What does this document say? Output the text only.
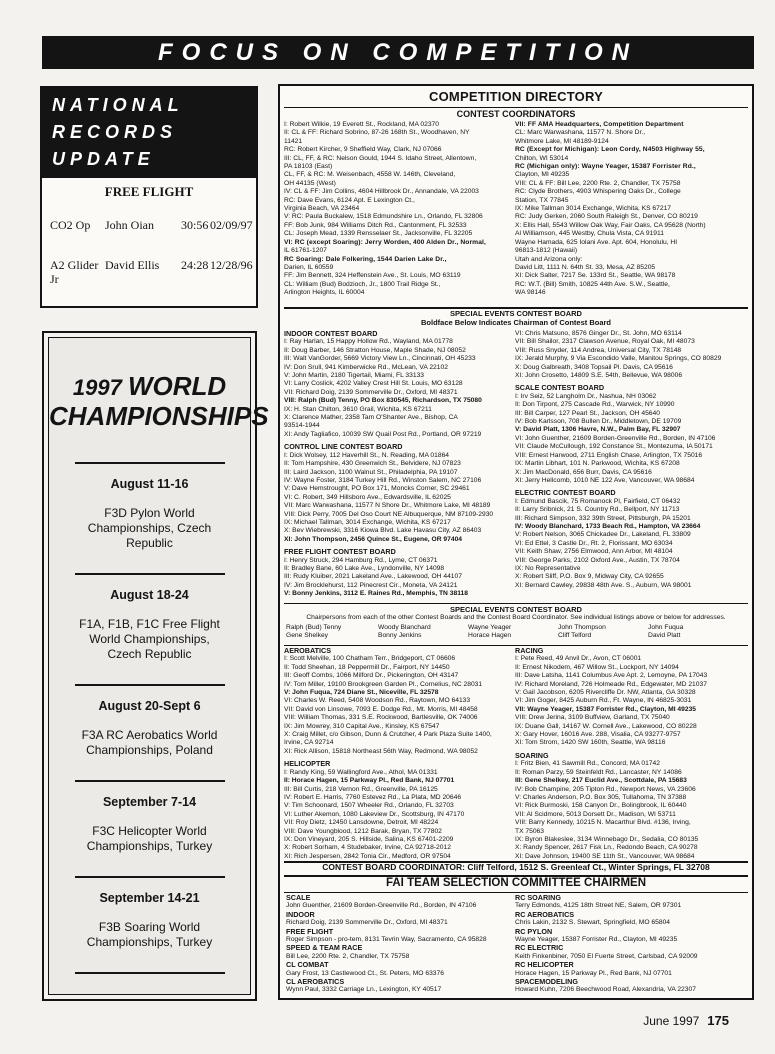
FOCUS ON COMPETITION
NATIONAL
RECORDS
UPDATE
FREE FLIGHT
CO2 Op	John Oian 30:56 02/09/97
A2 Glider Jr
David Ellis 24:28 12/28/96
1997 WORLD
CHAMPIONSHIPS
August 11-16
F3D Pylon World Championships, Czech Republic
August 18-24
F1A, F1B, F1C Free Flight World Championships, Czech Republic
August 20-Sept 6
F3A RC Aerobatics World Championships, Poland
September 7-14
F3C Helicopter World Championships, Turkey
September 14-21
F3B Soaring World Championships, Turkey
COMPETITION DIRECTORY
CONTEST COORDINATORS
I: Robert Wilkie, 19 Everett St., Rockland, MA 02370
II: CL & FF: Richard Sobrino, 87-26 168th St., Woodhaven, NY
11421
RC: Robert Kircher, 9 Sheffield Way, Clark, NJ 07066
III: CL, FF, & RC: Nelson Gould, 1944 S. Idaho Street, Allentown,
PA 18103 (East)
CL, FF, & RC: M. Weisenbach, 4558 W. 146th, Cleveland,
OH 44135 (West)
IV: CL & FF: Jim Collins, 4604 Hillbrook Dr., Annandale, VA 22003
RC: Dave Evans, 6124 Apt. E Lexington Ct.,
Virginia Beach, VA 23464
V: RC: Paula Buckalew, 1518 Edmundshire Ln., Orlando, FL 32806
FF: Bob Junk, 984 Williams Ditch Rd., Cantonment, FL 32533
CL: Joseph Mead, 1339 Rensselaer St., Jacksonville, FL 32205
VI: RC (except Soaring): Jerry Worden, 400 Alden Dr., Normal,
IL 61761-1207
RC Soaring: Dale Folkering, 1544 Darien Lake Dr.,
Darien, IL 60559
FF: Jim Bennett, 324 Heffenstein Ave., St. Louis, MO 63119
CL: William (Bud) Bodzioch, Jr., 1800 Trail Ridge St.,
Arlington Heights, IL 60004
VII: FF AMA Headquarters, Competition Department
CL: Marc Warwashana, 11577 N. Shore Dr.,
Whitmore Lake, MI 48189-9124
RC (Except for Michigan): Leon Cordy, N4503 Highway 55,
Chilton, WI 53014
RC (Michigan only): Wayne Yeager, 15387 Forrister Rd.,
Clayton, MI 49235
VIII: CL & FF: Bill Lee, 2200 Rte. 2, Chandler, TX 75758
RC: Clyde Brothers, 4903 Whispering Oaks Dr., College
Station, TX 77845
IX: Mike Tallman 3014 Exchange, Wichita, KS 67217
RC: Judy Gerken, 2060 South Raleigh St., Denver, CO 80219
X: Ellis Hall, 5543 Willow Oak Way, Fair Oaks, CA 95628 (North)
Al Williamson, 445 Westby, Chula Vista, CA 91911
Wayne Hamada, 625 Iolani Ave. Apt. 604, Honolulu, HI
96813-1812 (Hawaii)
Utah and Arizona only:
David Litt, 1111 N. 64th St. 33, Mesa, AZ 85205
XI: Dick Salter, 7217 Se. 133rd St., Seattle, WA 98178
RC: W.T. (Bill) Smith, 10825 44th Ave. S.W., Seattle,
WA 98146
SPECIAL EVENTS CONTEST BOARD
Boldface Below Indicates Chairman of Contest Board
INDOOR CONTEST BOARD
I: Ray Harlan, 15 Happy Hollow Rd., Wayland, MA 01778
II: Doug Barber, 146 Stratton House, Maple Shade, NJ 08052
III: Walt VanGorder, 5669 Victory View Ln., Cincinnati, OH 45233
IV: Don Srull, 941 Kimberwicke Rd., McLean, VA 22102
V: John Martin, 2180 Tigertail, Miami, FL 33133
VI: Larry Coslick, 4202 Valley Crest Hill St. Louis, MO 63128
VII: Richard Doig, 2139 Sommerville Dr., Oxford, MI 48371
VIII: Ralph (Bud) Tenny, PO Box 830545, Richardson, TX 75080
IX: H. Stan Chilton, 3610 Grail, Wichita, KS 67211
X: Clarence Mather, 2358 Tam O'Shanter Ave., Bishop, CA
93514-1944
XI: Andy Tagliafico, 10039 SW Quail Post Rd., Portland, OR 97219
CONTROL LINE CONTEST BOARD
I: Dick Wolsey, 112 Haverhill St., N. Reading, MA 01864
II: Tom Hampshire, 430 Greenwich St., Belvidere, NJ 07823
III: Laird Jackson, 1100 Walnut St., Philadelphia, PA 19107
IV: Wayne Foster, 3184 Turkey Hill Rd., Winston Salem, NC 27106
V: Dave Hemstrought, PO Box 171, Moncks Corner, SC 29461
VI: C. Robert, 349 Hillsboro Ave., Edwardsville, IL 62025
VII: Marc Warwashana, 11577 N Shore Dr., Whitmore Lake, MI 48189
VIII: Dick Perry, 7005 Del Oso Court NE Albuquerque, NM 87109-2930
IX: Michael Tallman, 3014 Exchange, Wichita, KS 67217
X: Bev Wiebrewski, 3316 Kiowa Blvd. Lake Havasu City, AZ 86403
XI: John Thompson, 2456 Quince St., Eugene, OR 97404
FREE FLIGHT CONTEST BOARD
I: Henry Struck, 294 Hamburg Rd., Lyme, CT 06371
II: Bradley Bane, 60 Lake Ave., Lyndonville, NY 14098
III: Rudy Kluiber, 2021 Lakeland Ave., Lakewood, OH 44107
IV: Jim Brocklehurst, 112 Pinecrest Cir., Moneta, VA 24121
V: Bonny Jenkins, 3112 E. Raines Rd., Memphis, TN 38118
VI: Chris Matsuno, 8576 Ginger Dr., St. John, MO 63114
VII: Bill Shailor, 2317 Clawson Avenue, Royal Oak, MI 48073
VIII: Russ Snyder, 114 Andrea, Universal City, TX 78148
IX: Jerald Murphy, 9 Via Escondido Valle, Manitou Springs, CO 80829
X: Doug Galbreath, 3408 Topsail Pl. Davis, CA 95616
XI: John Crosetto, 14809 S.E. 54th, Bellevue, WA 98006
SCALE CONTEST BOARD
I: Irv Seiz, 52 Langholm Dr., Nashua, NH 03062
II: Don Tirpont, 275 Cascade Rd., Warwick, NY 10990
III: Bill Carper, 127 Pearl St., Jackson, OH 45640
IV: Bob Karlsson, 708 Bullen Dr., Middletown, DE 19709
V: David Platt, 1306 Havre, N.W., Palm Bay, FL 32907
VI: John Guenther, 21609 Borden-Greenville Rd., Borden, IN 47106
VII: Claude McCullough, 192 Constance St., Montezuma, IA 50171
VIII: Ernest Harwood, 2711 English Chase, Arlington, TX 75016
IX: Martin Libhart, 101 N. Parkwood, Wichita, KS 67208
X: Jim MacDonald, 656 Burr, Davis, CA 95616
XI: Jerry Hellcomb, 1010 NE 122 Ave, Vancouver, WA 98684
ELECTRIC CONTEST BOARD
I: Edmund Bascik, 75 Romanock Pl, Fairfield, CT 06432
II: Larry Sribnick, 21 S. Country Rd., Bellport, NY 11713
III: Richard Simpson, 332 39th Street, Pittsburgh, PA 15201
IV: Woody Blanchard, 1733 Beach Rd., Hampton, VA 23664
V: Robert Nelson, 3065 Chickadee Dr., Lakeland, FL 33809
VI: Ed Ettel, 3 Castle Dr., Rt. 2, Florissant, MO 63034
VII: Keith Shaw, 2756 Elmwood, Ann Arbor, MI 48104
VIII: George Parks, 2102 Oxford Ave., Austin, TX 78704
IX: No Representative
X: Robert Sliff, P.O. Box 9, Midway City, CA 92655
XI: Bernard Cawley, 29838 48th Ave. S., Auburn, WA 98001
SPECIAL EVENTS CONTEST BOARD
Chairpersons from each of the other Contest Boards and the Contest Board Coordinator. See individual listings above or below for addresses.
Ralph (Bud) Tenny
Gene Shelkey
Woody Blanchard
Bonny Jenkins
Wayne Yeager
Horace Hagen
John Thompson
Cliff Telford
John Fuqua
David Platt
AEROBATICS
I: Scott Melville, 100 Chatham Terr., Bridgeport, CT 06606
II: Todd Sheehan, 18 Peppermill Dr., Fairport, NY 14450
III: Geoff Combs, 1066 Milford Dr., Pickerington, OH 43147
IV: Tom Miller, 19100 Brookgreen Garden Pl., Cornelius, NC 28031
V: John Fuqua, 724 Diane St., Niceville, FL 32578
VI: Charles W. Reed, 5408 Woodson Rd., Raytown, MO 64133
VII: David von Linsowe, 7093 E. Dodge Rd., Mt. Morris, MI 48458
VIII: William Thomas, 331 S.E. Rockwood, Bartlesville, OK 74006
IX: Jim Mowrey, 310 Capital Ave., Kinsley, KS 67547
X: Craig Millet, c/o Gibson, Dunn & Crutcher, 4 Park Plaza Suite 1400,
Irvine, CA 92714
XI: Rick Allison, 15818 Northeast 56th Way, Redmond, WA 98052
HELICOPTER
I: Randy King, 59 Wallingford Ave., Athol, MA 01331
II: Horace Hagen, 15 Parkway Pl., Red Bank, NJ 07701
III: Bill Curtis, 218 Vernon Rd., Greenville, PA 16125
IV: Robert E. Harris, 7760 Estevez Rd., La Plata, MD 20646
V: Tim Schoonard, 1507 Wheeler Rd., Orlando, FL 32703
VI: Luther Akemon, 1080 Lakeview Dr., Scottsburg, IN 47170
VII: Roy Dietz, 12450 Lansdowne, Detroit, MI 48224
VIII: Dave Youngblood, 1212 Barak, Bryan, TX 77802
IX: Don Vineyard, 205 S. Hillside, Salina, KS 67401-2209
X: Robert Sorham, 4 Studebaker, Irvine, CA 92718-2012
XI: Rich Jespersen, 2842 Tonia Cir., Medford, OR 97504
RACING
I: Pete Reed, 49 Anvil Dr., Avon, CT 06001
II: Ernest Nikodem, 467 Willow St., Lockport, NY 14094
III: Dave Latsha, 1141 Columbus Ave Apt. 2, Lemoyne, PA 17043
IV: Richard Moreland, 726 Holmeade Rd., Edgewater, MD 21037
V: Gail Jacobson, 6205 Rivercliffe Dr. NW, Atlanta, GA 30328
VI: Jim Goger, 8425 Auburn Rd., Ft. Wayne, IN 46825-3031
VII: Wayne Yeager, 15387 Forrister Rd., Clayton, MI 49235
VIII: Drew Jerina, 3109 Buffview, Garland, TX 75040
IX: Duane Gall, 14167 W. Cornell Ave., Lakewood, CO 80228
X: Gary Hover, 16016 Ave. 288, Visalia, CA 93277-9757
XI: Tom Strom, 1420 SW 160th, Seattle, WA 98116
SOARING
I: Fritz Bien, 41 Sawmill Rd., Concord, MA 01742
II: Roman Parzy, 59 Steinfeldt Rd., Lancaster, NY 14086
III: Gene Shelkey, 217 Euclid Ave., Scottdale, PA 15683
IV: Bob Champine, 205 Tipton Rd., Newport News, VA 23606
V: Charles Anderson, P.O. Box 305, Tullahoma, TN 37388
VI: Rick Burmoski, 158 Canyon Dr., Bolingbrook, IL 60440
VII: Al Scidmore, 5013 Dorsett Dr., Madison, WI 53711
VIII: Barry Kennedy, 10215 N. Macarthur Blvd. #136, Irving,
TX 75063
IX: Byron Blakeslee, 3134 Winnebago Dr., Sedalia, CO 80135
X: Randy Spencer, 2617 Fisk Ln., Redondo Beach, CA 90278
XI: Dave Johnson, 19400 SE 11th St., Vancouver, WA 98684
CONTEST BOARD COORDINATOR: Cliff Telford, 1512 S. Greenleaf Ct., Winter Springs, FL 32708
FAI TEAM SELECTION COMMITTEE CHAIRMEN
SCALE
John Guenther, 21609 Borden-Greenville Rd., Borden, IN 47106
INDOOR
Richard Doig, 2139 Sommerville Dr., Oxford, MI 48371
FREE FLIGHT
Roger Simpson - pro-tem, 8131 Tevrin Way, Sacramento, CA 95828
SPEED & TEAM RACE
Bill Lee, 2200 Rte. 2, Chandler, TX 75758
CL COMBAT
Gary Frost, 13 Castlewood Ct., St. Peters, MO 63376
CL AEROBATICS
Wynn Paul, 3332 Carriage Ln., Lexington, KY 40517
RC SOARING
Terry Edmonds, 4125 18th Street NE, Salem, OR 97301
RC AEROBATICS
Chris Lakin, 2132 S. Stewart, Springfield, MO 65804
RC PYLON
Wayne Yeager, 15387 Forrister Rd., Clayton, MI 49235
RC ELECTRIC
Keith Finkenbiner, 7050 El Fuerte Street, Carlsbad, CA 92009
RC HELICOPTER
Horace Hagen, 15 Parkway Pl., Red Bank, NJ 07701
SPACEMODELING
Howard Kuhn, 7206 Beechwood Road, Alexandria, VA 22307
June 1997 175
